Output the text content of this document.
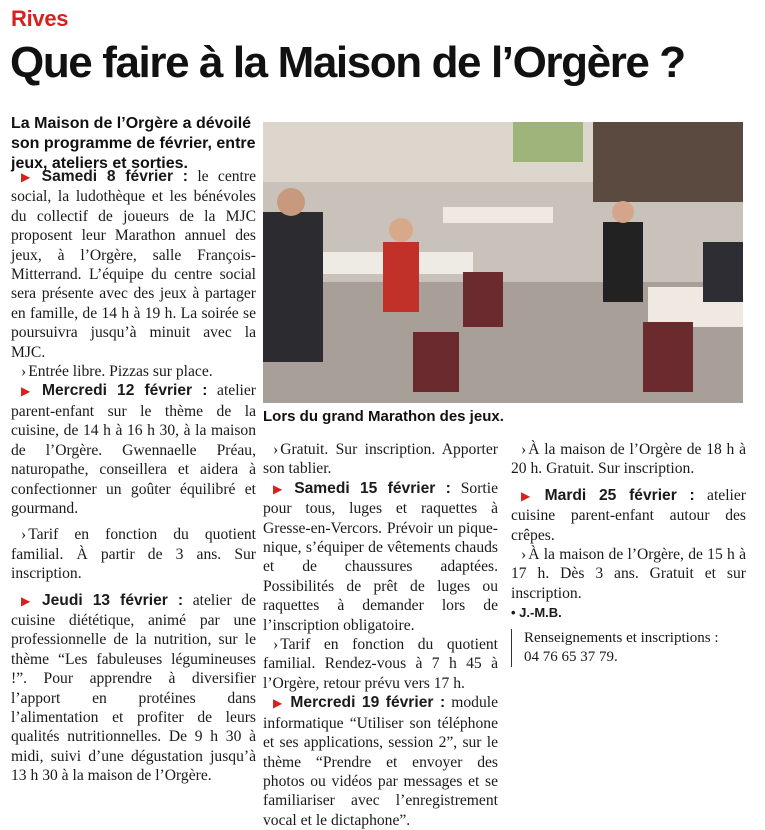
Rives
Que faire à la Maison de l’Orgère ?
La Maison de l’Orgère a dévoilé son programme de février, entre jeux, ateliers et sorties.
Lors du grand Marathon des jeux.

▶ Samedi 8 février : le centre social, la ludothèque et les bénévoles du collectif de joueurs de la MJC proposent leur Marathon annuel des jeux, à l’Orgère, salle François-Mitterrand. L’équipe du centre social sera présente avec des jeux à partager en famille, de 14 h à 19 h. La soirée se poursuivra jusqu’à minuit avec la MJC.

› Entrée libre. Pizzas sur place.

▶ Mercredi 12 février : atelier parent-enfant sur le thème de la cuisine, de 14 h à 16 h 30, à la maison de l’Orgère. Gwennaelle Préau, naturopathe, conseillera et aidera à confectionner un goûter équilibré et gourmand.

› Tarif en fonction du quotient familial. À partir de 3 ans. Sur inscription.

▶ Jeudi 13 février : atelier de cuisine diététique, animé par une professionnelle de la nutrition, sur le thème “Les fabuleuses légumineuses !”. Pour apprendre à diversifier l’apport en protéines dans l’alimentation et profiter de leurs qualités nutritionnelles. De 9 h 30 à midi, suivi d’une dégustation jusqu’à 13 h 30 à la maison de l’Orgère.

› Gratuit. Sur inscription. Apporter son tablier.

▶ Samedi 15 février : Sortie pour tous, luges et raquettes à Gresse-en-Vercors. Prévoir un pique-nique, s’équiper de vêtements chauds et de chaussures adaptées. Possibilités de prêt de luges ou raquettes à demander lors de l’inscription obligatoire.

› Tarif en fonction du quotient familial. Rendez-vous à 7 h 45 à l’Orgère, retour prévu vers 17 h.

▶ Mercredi 19 février : module informatique “Utiliser son téléphone et ses applications, session 2”, sur le thème “Prendre et envoyer des photos ou vidéos par messages et se familiariser avec l’enregistrement vocal et le dictaphone”.

› À la maison de l’Orgère de 18 h à 20 h. Gratuit. Sur inscription.

▶ Mardi 25 février : atelier cuisine parent-enfant autour des crêpes.

› À la maison de l’Orgère, de 15 h à 17 h. Dès 3 ans. Gratuit et sur inscription.

• J.-M.B.

Renseignements et inscriptions :
04 76 65 37 79.
